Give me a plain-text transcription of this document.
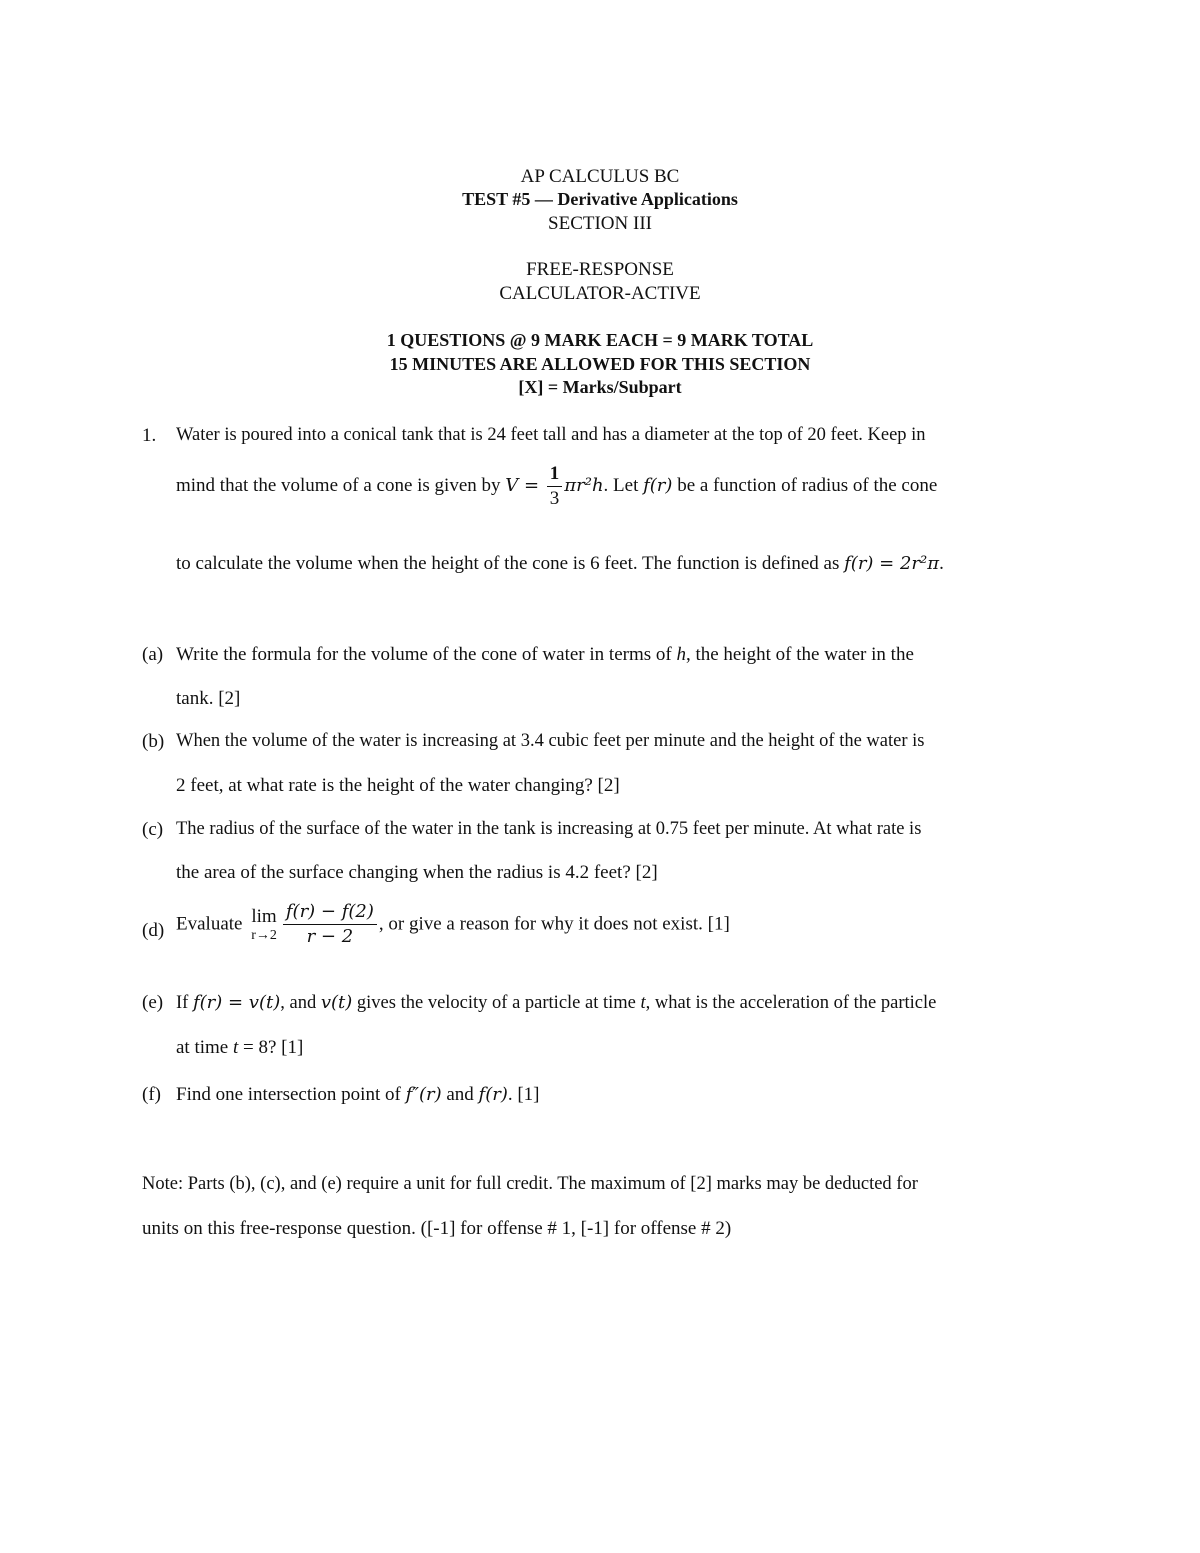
AP CALCULUS BC
TEST #5 — Derivative Applications
SECTION III
FREE-RESPONSE
CALCULATOR-ACTIVE
1 QUESTIONS @ 9 MARK EACH = 9 MARK TOTAL
15 MINUTES ARE ALLOWED FOR THIS SECTION
[X] = Marks/Subpart
1. Water is poured into a conical tank that is 24 feet tall and has a diameter at the top of 20 feet. Keep in
mind that the volume of a cone is given by $V = \frac{1}{3} \pi r^2h$. Let f(r) be a function of radius of the cone
to calculate the volume when the height of the cone is 6 feet. The function is defined as f(r) = 2r²π.
(a) Write the formula for the volume of the cone of water in terms of h, the height of the water in the
tank. [2]
(b) When the volume of the water is increasing at 3.4 cubic feet per minute and the height of the water is
2 feet, at what rate is the height of the water changing? [2]
(c) The radius of the surface of the water in the tank is increasing at 0.75 feet per minute. At what rate is
the area of the surface changing when the radius is 4.2 feet? [2]
(d) Evaluate lim
$r\to 2 \frac{f(r) - f(2)}{r - 2}$ , or give a reason for why it does not exist. [1]
(e) If f(r) = v(t), and v(t) gives the velocity of a particle at time t, what is the acceleration of the particle
at time t = 8? [1]
(f) Find one intersection point of f″(r) and f(r). [1]
Note: Parts (b), (c), and (e) require a unit for full credit. The maximum of [2] marks may be deducted for
units on this free-response question. ([-1] for offense # 1, [-1] for offense # 2)
